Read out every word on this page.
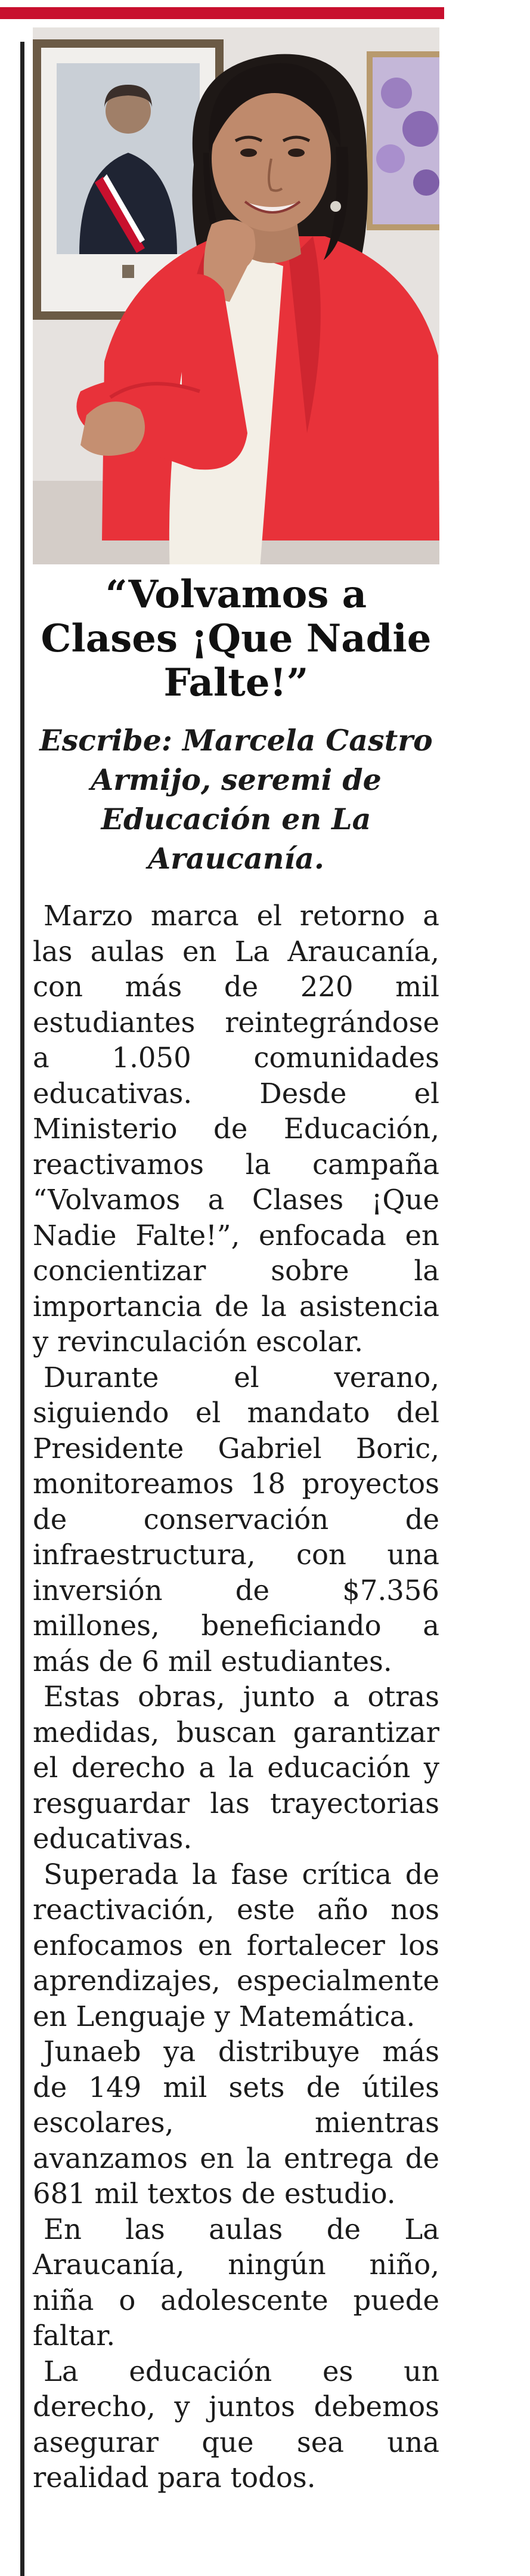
“Volvamos a Clases ¡Que Nadie Falte!”
Escribe: Marcela Castro Armijo, seremi de Educación en La Araucanía.

Marzo marca el retorno a las aulas en La Araucanía, con más de 220 mil estudiantes reintegrándose a 1.050 comunidades educativas. Desde el Ministerio de Educación, reactivamos la campaña “Volvamos a Clases ¡Que Nadie Falte!”, enfocada en concientizar sobre la importancia de la asistencia y revinculación escolar.

Durante el verano, siguiendo el mandato del Presidente Gabriel Boric, monitoreamos 18 proyectos de conservación de infraestructura, con una inversión de $7.356 millones, beneficiando a más de 6 mil estudiantes.

Estas obras, junto a otras medidas, buscan garantizar el derecho a la educación y resguardar las trayectorias educativas.

Superada la fase crítica de reactivación, este año nos enfocamos en fortalecer los aprendizajes, especialmente en Lenguaje y Matemática.

Junaeb ya distribuye más de 149 mil sets de útiles escolares, mientras avanzamos en la entrega de 681 mil textos de estudio.

En las aulas de La Araucanía, ningún niño, niña o adolescente puede faltar.

La educación es un derecho, y juntos debemos asegurar que sea una realidad para todos.
